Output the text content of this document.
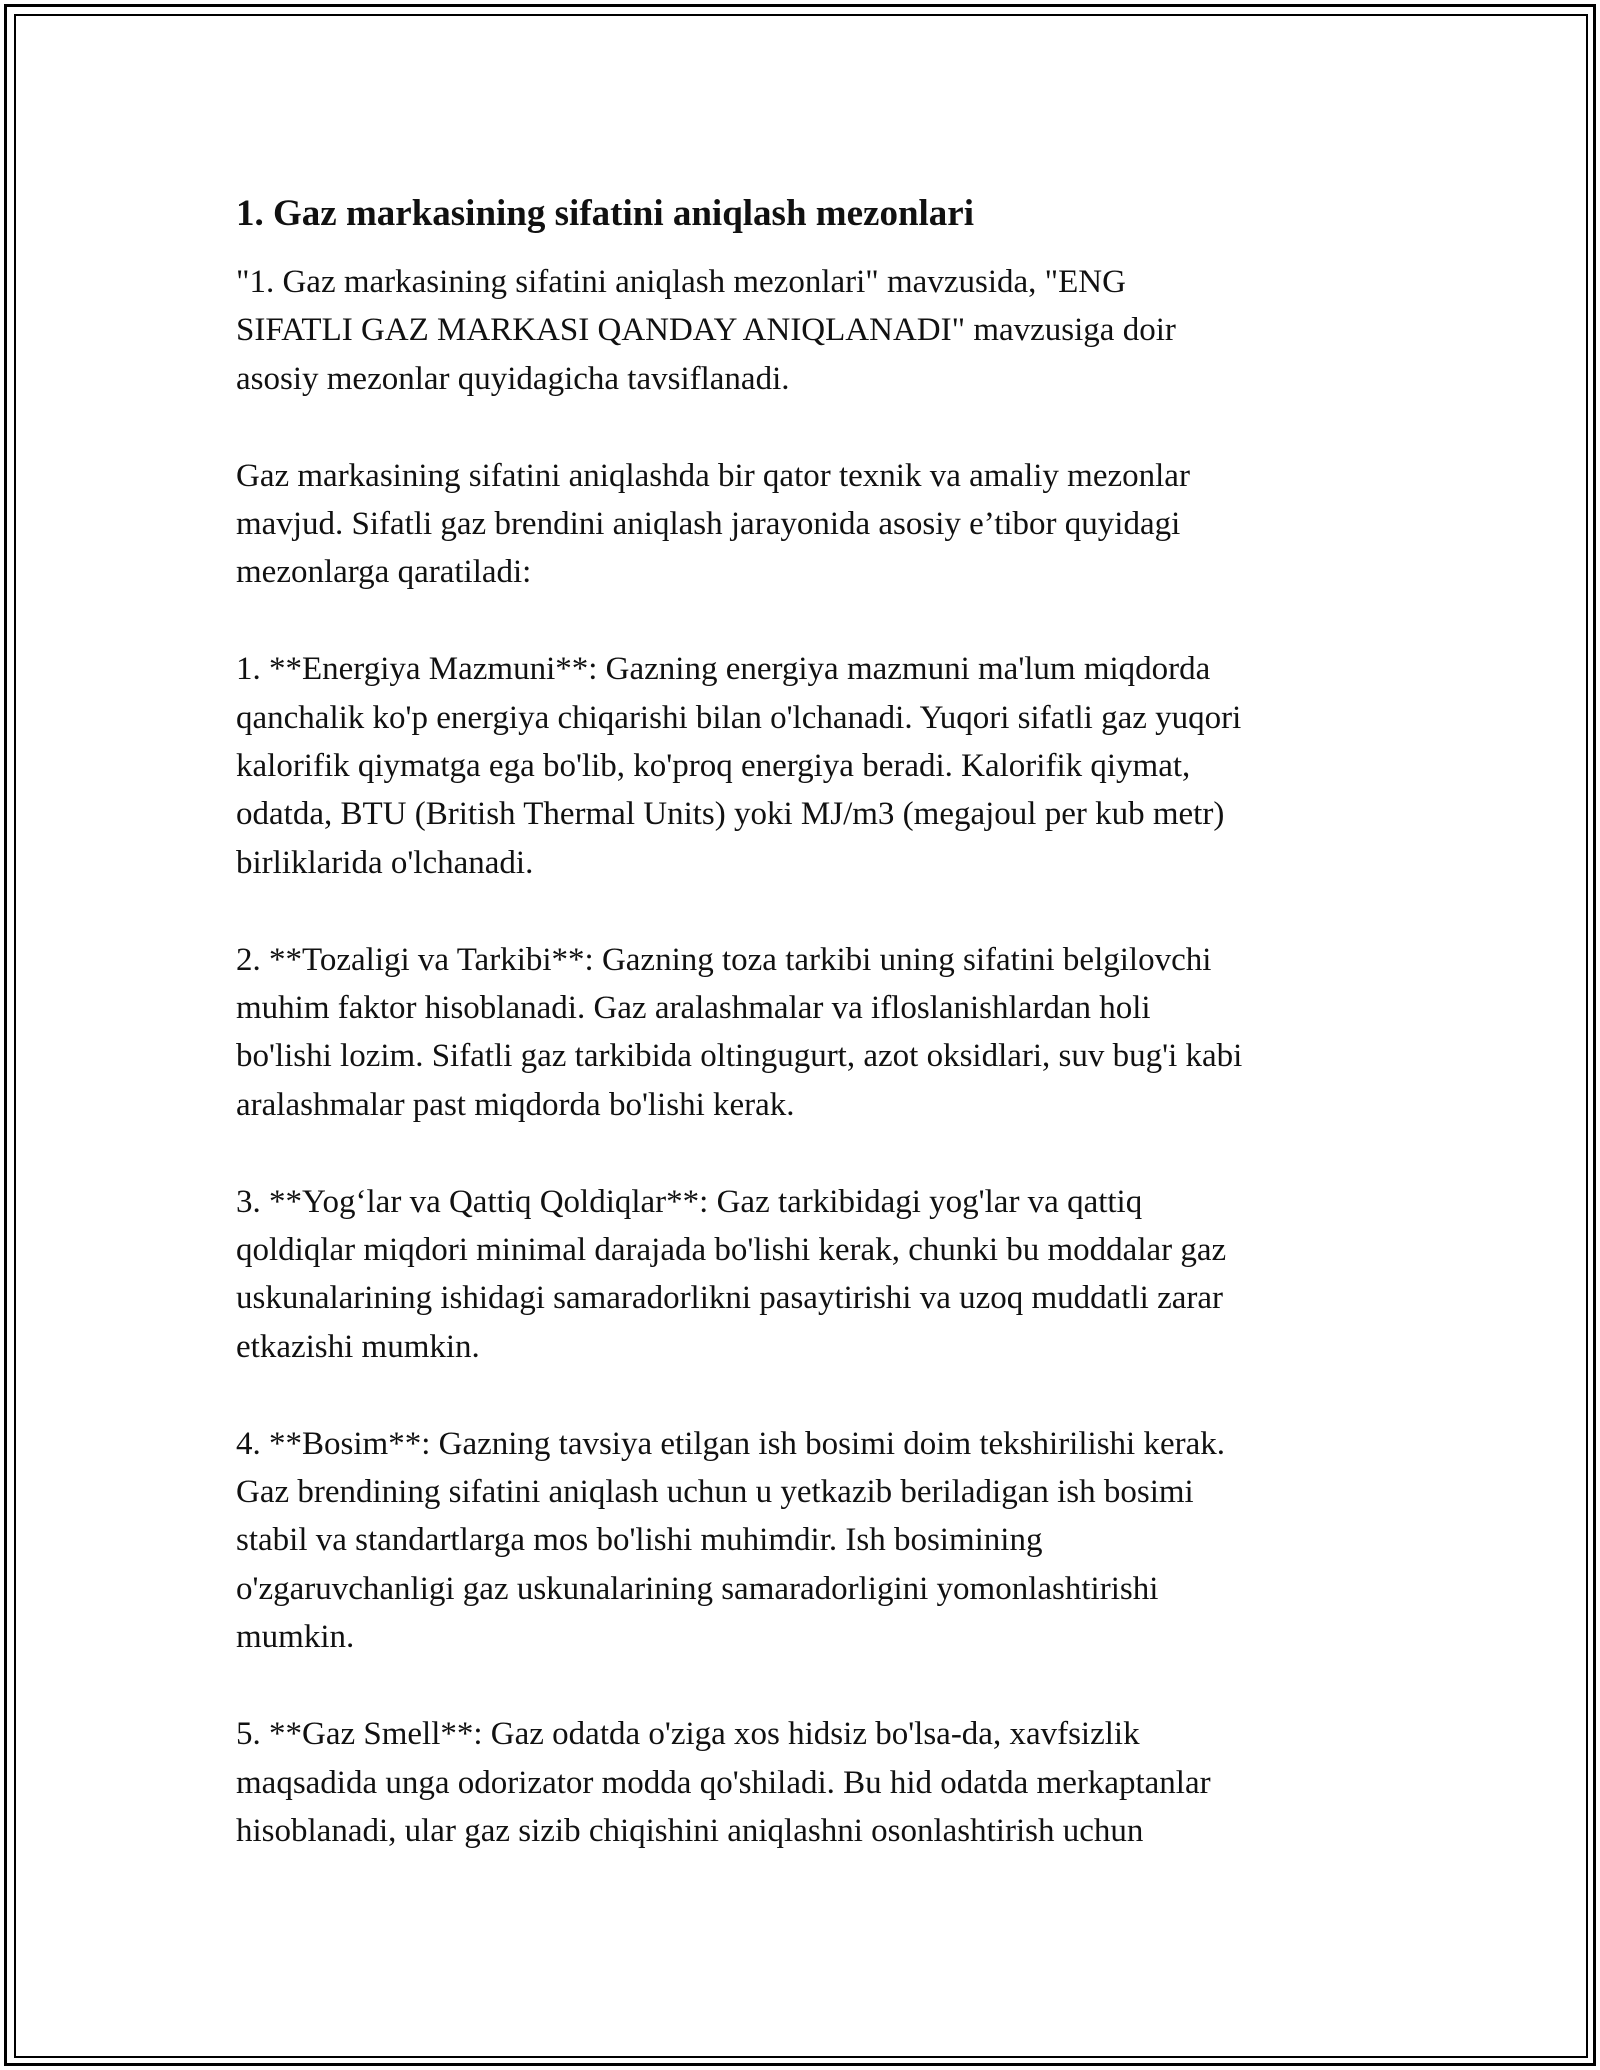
1. Gaz markasining sifatini aniqlash mezonlari

"1. Gaz markasining sifatini aniqlash mezonlari" mavzusida, "ENG
SIFATLI GAZ MARKASI QANDAY ANIQLANADI" mavzusiga doir
asosiy mezonlar quyidagicha tavsiflanadi.

Gaz markasining sifatini aniqlashda bir qator texnik va amaliy mezonlar
mavjud. Sifatli gaz brendini aniqlash jarayonida asosiy e’tibor quyidagi
mezonlarga qaratiladi:

1. **Energiya Mazmuni**: Gazning energiya mazmuni ma'lum miqdorda
qanchalik ko'p energiya chiqarishi bilan o'lchanadi. Yuqori sifatli gaz yuqori
kalorifik qiymatga ega bo'lib, ko'proq energiya beradi. Kalorifik qiymat,
odatda, BTU (British Thermal Units) yoki MJ/m3 (megajoul per kub metr)
birliklarida o'lchanadi.

2. **Tozaligi va Tarkibi**: Gazning toza tarkibi uning sifatini belgilovchi
muhim faktor hisoblanadi. Gaz aralashmalar va ifloslanishlardan holi
bo'lishi lozim. Sifatli gaz tarkibida oltingugurt, azot oksidlari, suv bug'i kabi
aralashmalar past miqdorda bo'lishi kerak.

3. **Yog‘lar va Qattiq Qoldiqlar**: Gaz tarkibidagi yog'lar va qattiq
qoldiqlar miqdori minimal darajada bo'lishi kerak, chunki bu moddalar gaz
uskunalarining ishidagi samaradorlikni pasaytirishi va uzoq muddatli zarar
etkazishi mumkin.

4. **Bosim**: Gazning tavsiya etilgan ish bosimi doim tekshirilishi kerak.
Gaz brendining sifatini aniqlash uchun u yetkazib beriladigan ish bosimi
stabil va standartlarga mos bo'lishi muhimdir. Ish bosimining
o'zgaruvchanligi gaz uskunalarining samaradorligini yomonlashtirishi
mumkin.

5. **Gaz Smell**: Gaz odatda o'ziga xos hidsiz bo'lsa-da, xavfsizlik
maqsadida unga odorizator modda qo'shiladi. Bu hid odatda merkaptanlar
hisoblanadi, ular gaz sizib chiqishini aniqlashni osonlashtirish uchun
